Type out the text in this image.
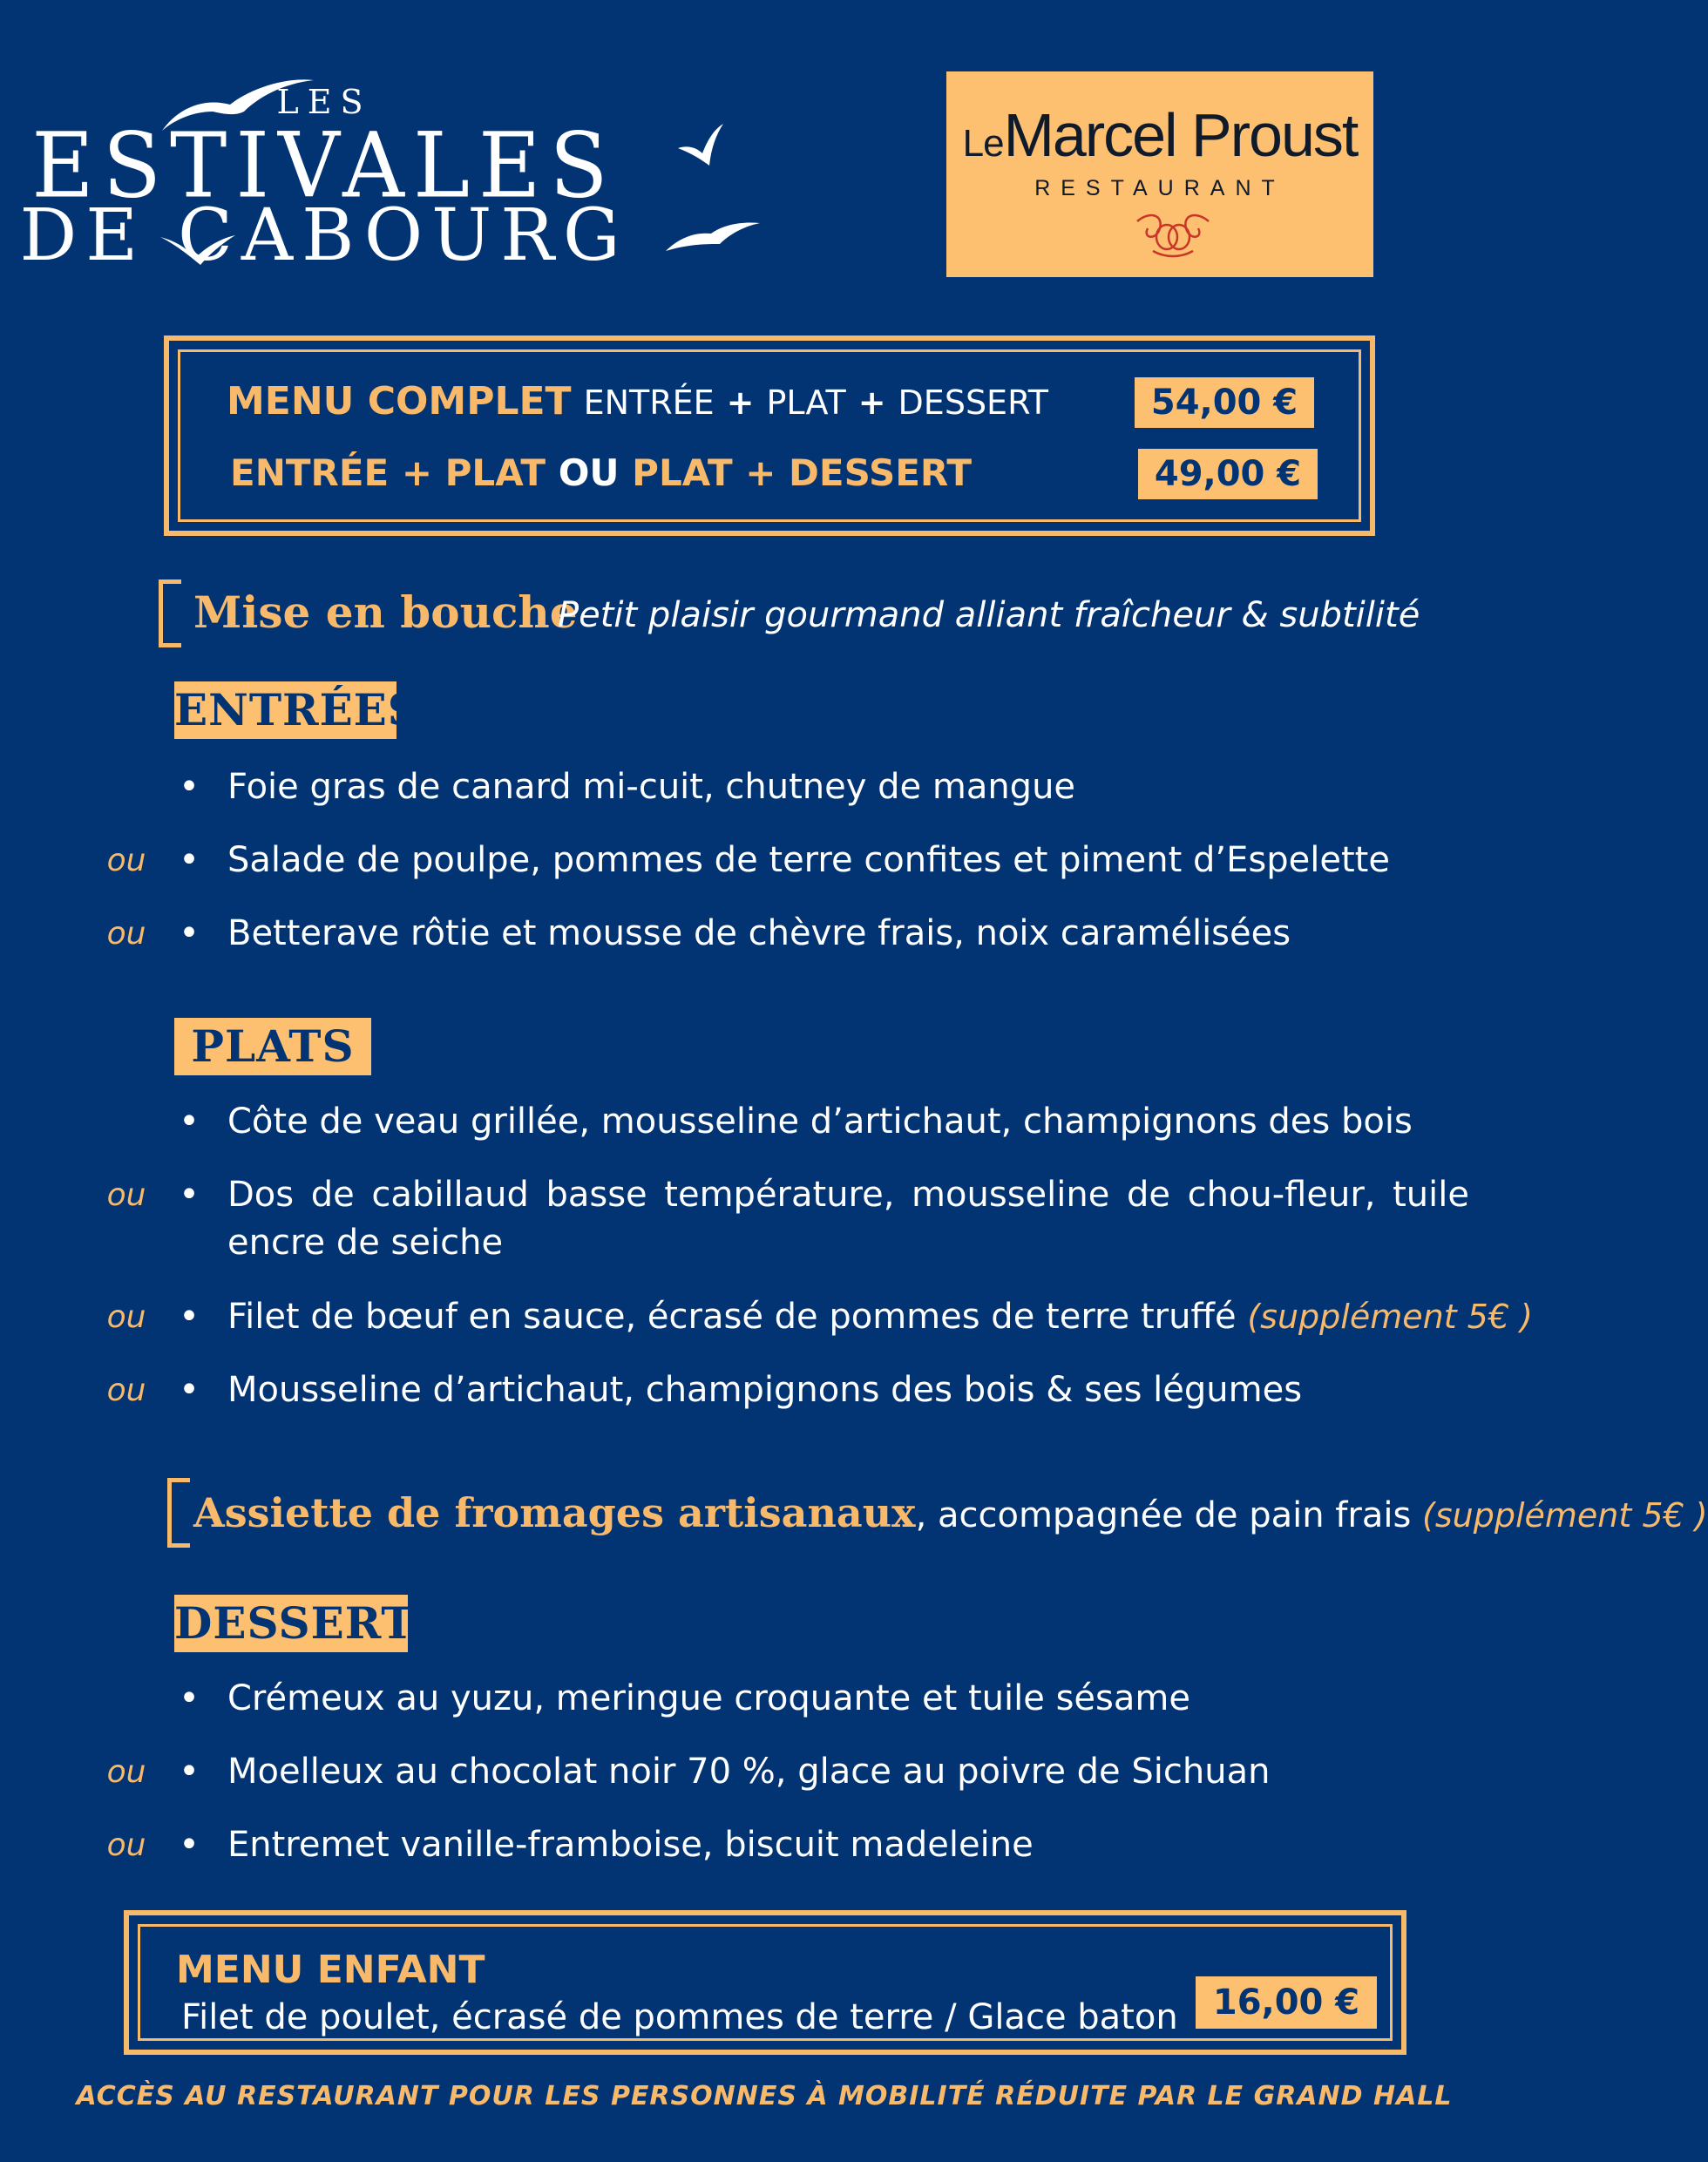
LES
ESTIVALES
DE CABOURG
LeMarcel Proust
RESTAURANT
MENU COMPLET ENTRÉE + PLAT + DESSERT	54,00 €
ENTRÉE + PLAT OU PLAT + DESSERT	49,00 €
Mise en bouche
Petit plaisir gourmand alliant fraîcheur & subtilité
ENTRÉES
• Foie gras de canard mi-cuit, chutney de mangue
ou • Salade de poulpe, pommes de terre confites et piment d’Espelette
ou • Betterave rôtie et mousse de chèvre frais, noix caramélisées
PLATS
• Côte de veau grillée, mousseline d’artichaut, champignons des bois
ou • Dos de cabillaud basse température, mousseline de chou-fleur, tuile encre de seiche
ou • Filet de bœuf en sauce, écrasé de pommes de terre truffé (supplément 5€ )
ou • Mousseline d’artichaut, champignons des bois & ses légumes
Assiette de fromages artisanaux, accompagnée de pain frais (supplément 5€ )
DESSERTS
• Crémeux au yuzu, meringue croquante et tuile sésame
ou • Moelleux au chocolat noir 70 %, glace au poivre de Sichuan
ou • Entremet vanille-framboise, biscuit madeleine
MENU ENFANT
Filet de poulet, écrasé de pommes de terre / Glace baton	16,00 €
ACCÈS AU RESTAURANT POUR LES PERSONNES À MOBILITÉ RÉDUITE PAR LE GRAND HALL
